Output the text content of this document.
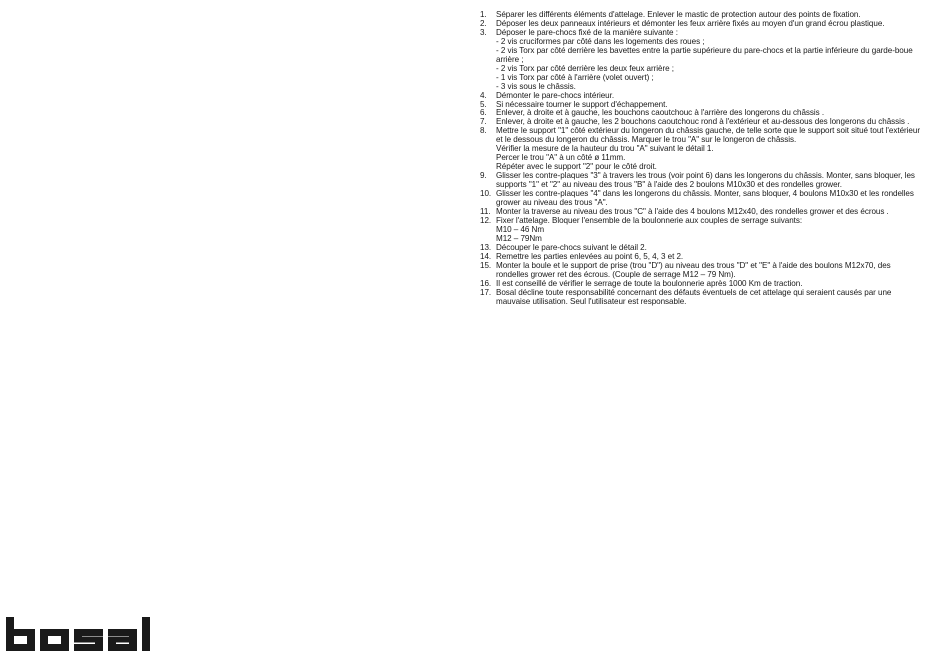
1.	Séparer les différents éléments d'attelage. Enlever le mastic de protection autour des points de fixation.
2.	Déposer les deux panneaux intérieurs et démonter les feux arrière fixés au moyen d'un grand écrou plastique.
3.	Déposer le pare-chocs fixé de la manière suivante :
- 2 vis cruciformes par côté dans les logements des roues ;
- 2 vis Torx par côté derrière les bavettes entre la partie supérieure du pare-chocs et la partie inférieure du garde-boue arrière ;
- 2 vis Torx par côté derrière les deux feux arrière ;
- 1 vis Torx par côté à l'arrière (volet ouvert) ;
- 3 vis sous le châssis.
4.	Démonter le pare-chocs intérieur.
5.	Si nécessaire tourner le support d'échappement.
6.	Enlever, à droite et à gauche, les bouchons caoutchouc à l'arrière des longerons du châssis .
7.	Enlever, à droite et à gauche, les 2 bouchons caoutchouc rond à l'extérieur et au-dessous des longerons du châssis .
8.	Mettre le support "1" côté extérieur du longeron du châssis gauche, de telle sorte que le support soit situé tout l'extérieur et le dessous du longeron du châssis. Marquer le trou "A" sur le longeron de châssis.
Vérifier la mesure de la hauteur du trou "A" suivant le détail 1.
Percer le trou "A" à un côté ø 11mm.
Répéter avec le support "2" pour le côté droit.
9.	Glisser les contre-plaques "3" à travers les trous (voir point 6) dans les longerons du châssis. Monter, sans bloquer, les supports "1" et "2" au niveau des trous "B" à l'aide des 2 boulons M10x30 et des rondelles grower.
10. Glisser les contre-plaques "4" dans les longerons du châssis. Monter, sans bloquer, 4 boulons M10x30 et les rondelles grower au niveau des trous "A".
11. Monter la traverse au niveau des trous "C" à l'aide des 4 boulons M12x40, des rondelles grower et des écrous .
12. Fixer l'attelage. Bloquer l'ensemble de la boulonnerie aux couples de serrage suivants:
M10 – 46 Nm
M12 – 79Nm
13. Découper le pare-chocs suivant le détail 2.
14. Remettre les parties enlevées au point 6, 5, 4, 3 et 2.
15. Monter la boule et le support de prise (trou "D") au niveau des trous "D" et "E" à l'aide des boulons M12x70, des rondelles grower ret des écrous. (Couple de serrage M12 – 79 Nm).
16. Il est conseillé de vérifier le serrage de toute la boulonnerie après 1000 Km de traction.
17. Bosal décline toute responsabilité concernant des défauts éventuels de cet attelage qui seraient causés par une mauvaise utilisation. Seul l'utilisateur est responsable.
